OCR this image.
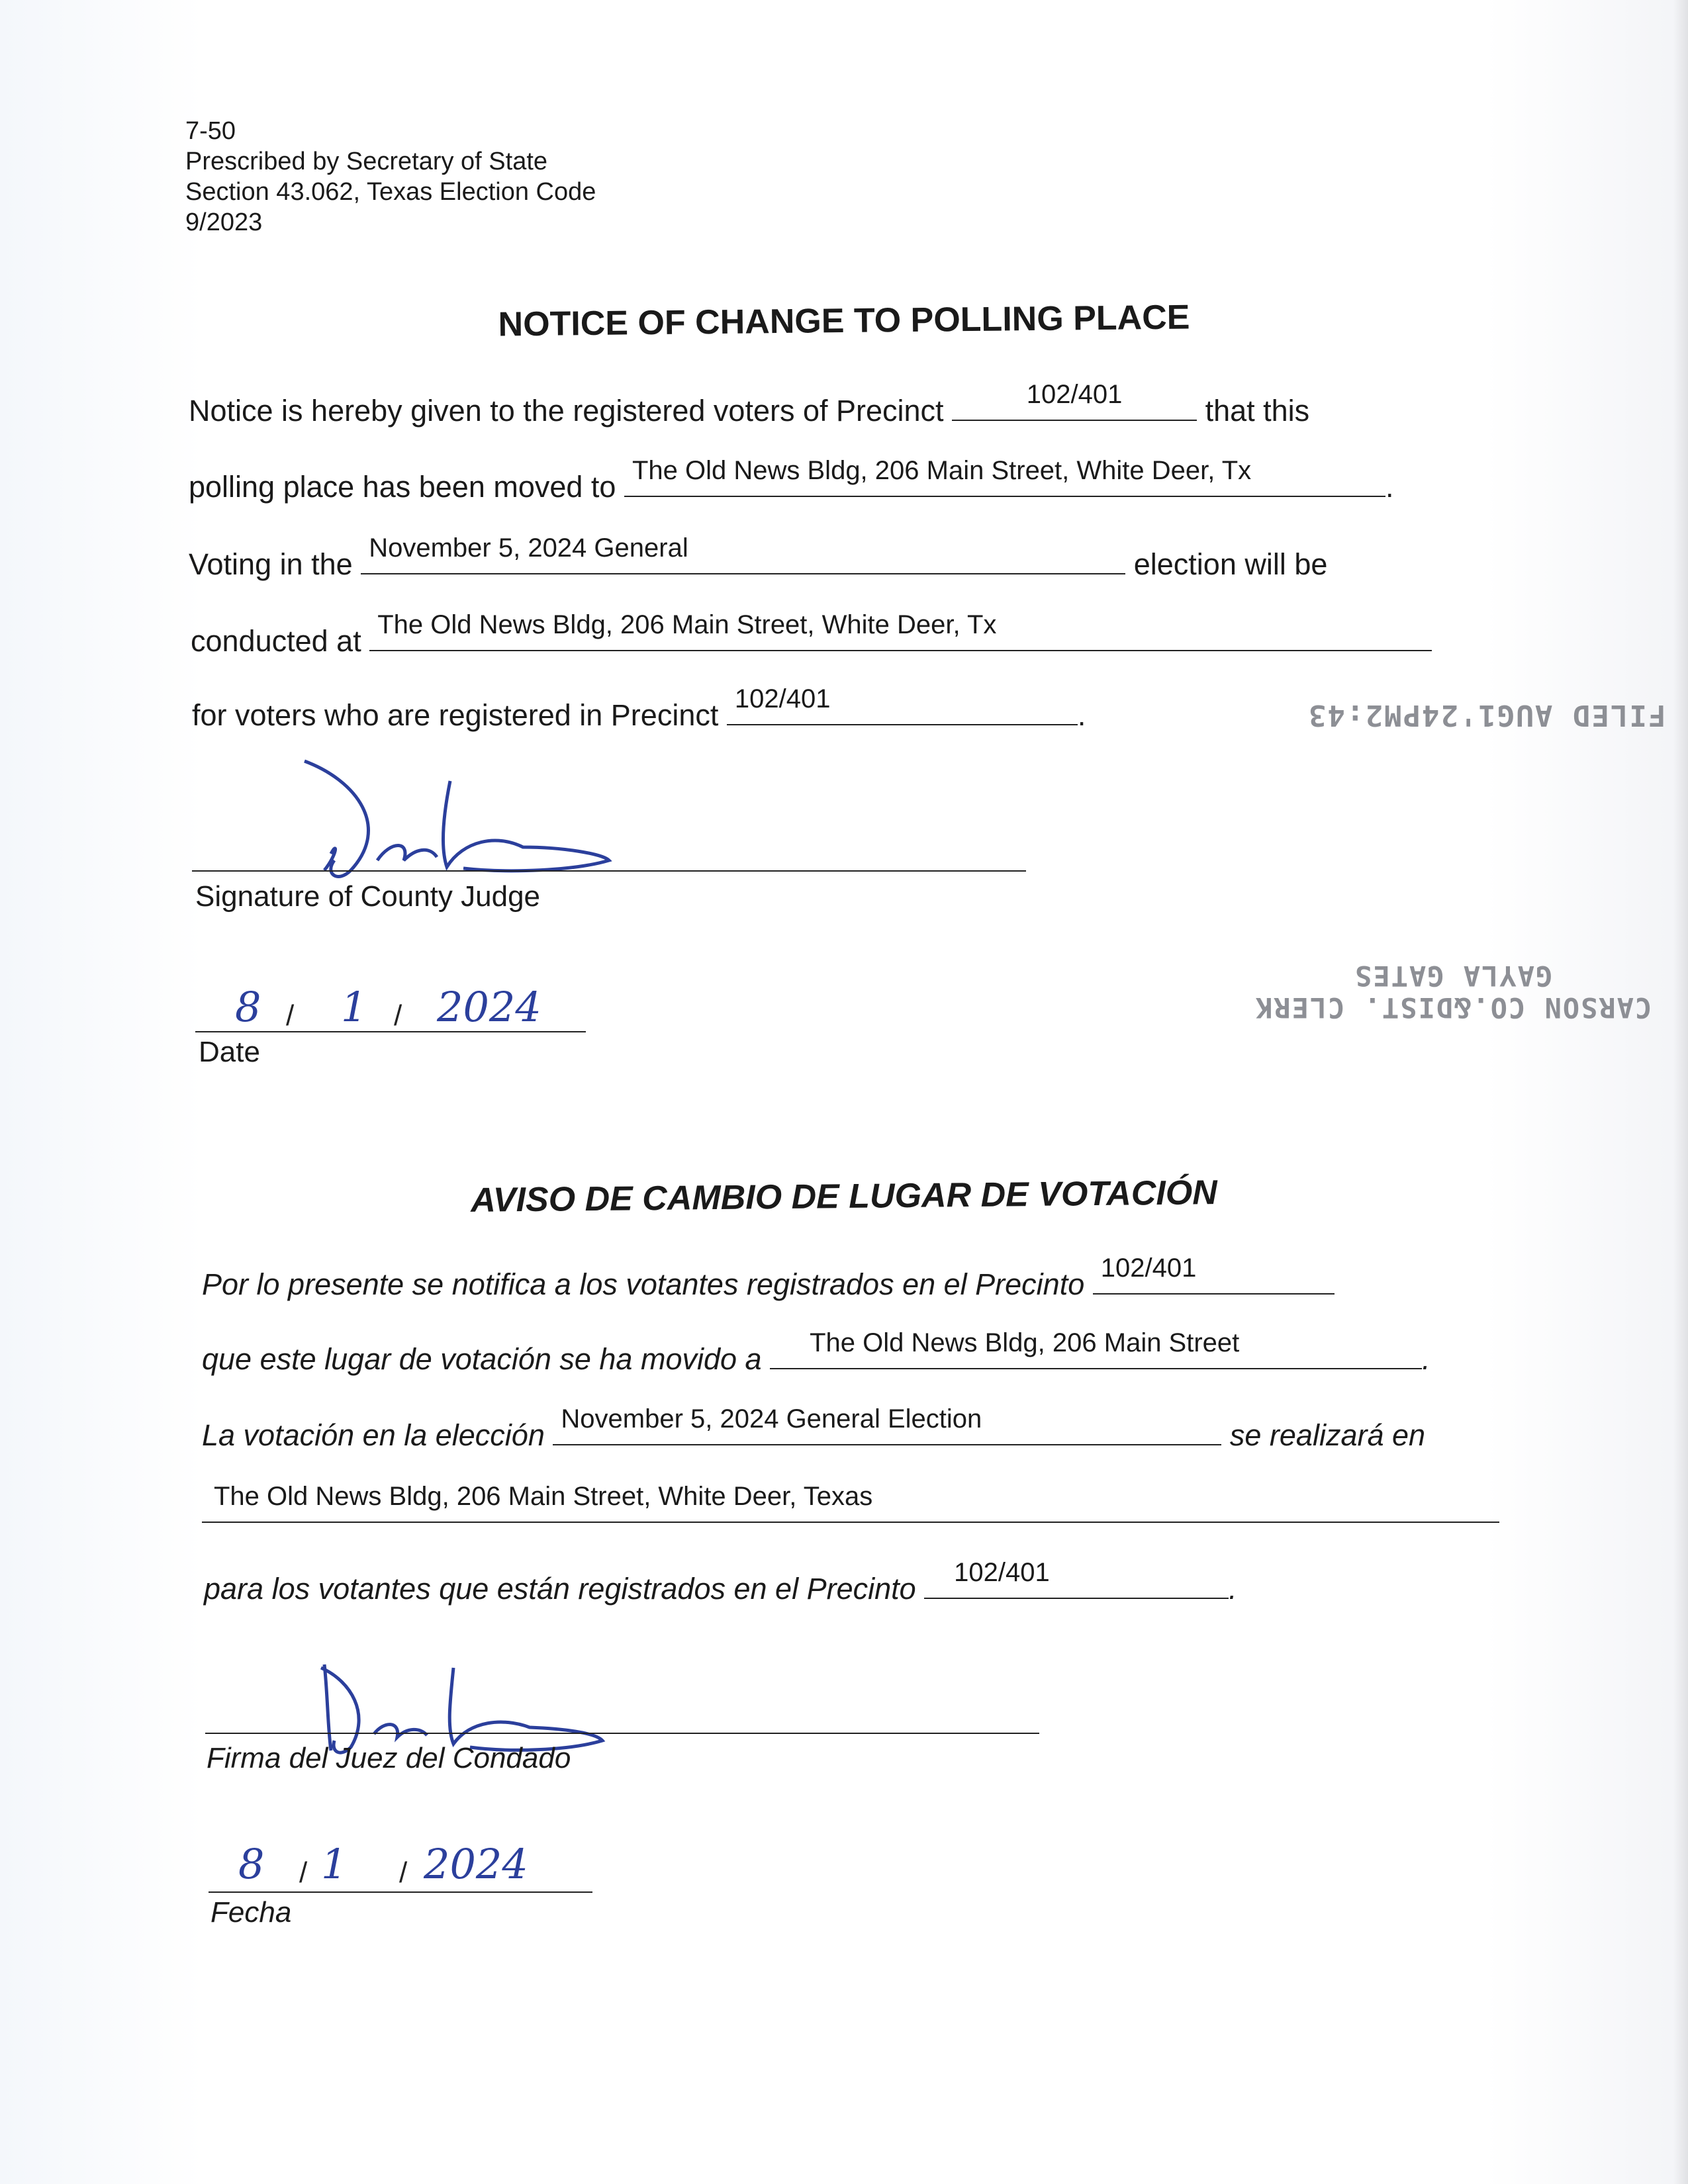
7-50
Prescribed by Secretary of State
Section 43.062, Texas Election Code
9/2023
NOTICE OF CHANGE TO POLLING PLACE
Notice is hereby given to the registered voters of Precinct	102/401	that this
polling place has been moved to The Old News Bldg, 206 Main Street, White Deer, Tx	.
Voting in the November 5, 2024 General	election will be
conducted at The Old News Bldg, 206 Main Street, White Deer, Tx
for voters who are registered in Precinct 102/401	.	FILED AUG1'24PM2:43
CARSON CO.&DIST. CLERK
GAYLA GATES
Signature of County Judge
8 / 1 / 2024
Date
AVISO DE CAMBIO DE LUGAR DE VOTACIÓN
Por lo presente se notifica a los votantes registrados en el Precinto 102/401
que este lugar de votación se ha movido a The Old News Bldg, 206 Main Street	.
La votación en la elección November 5, 2024 General Election	se realizará en
The Old News Bldg, 206 Main Street, White Deer, Texas
para los votantes que están registrados en el Precinto 102/401	.
Firma del Juez del Condado
8 / 1 / 2024
Fecha
